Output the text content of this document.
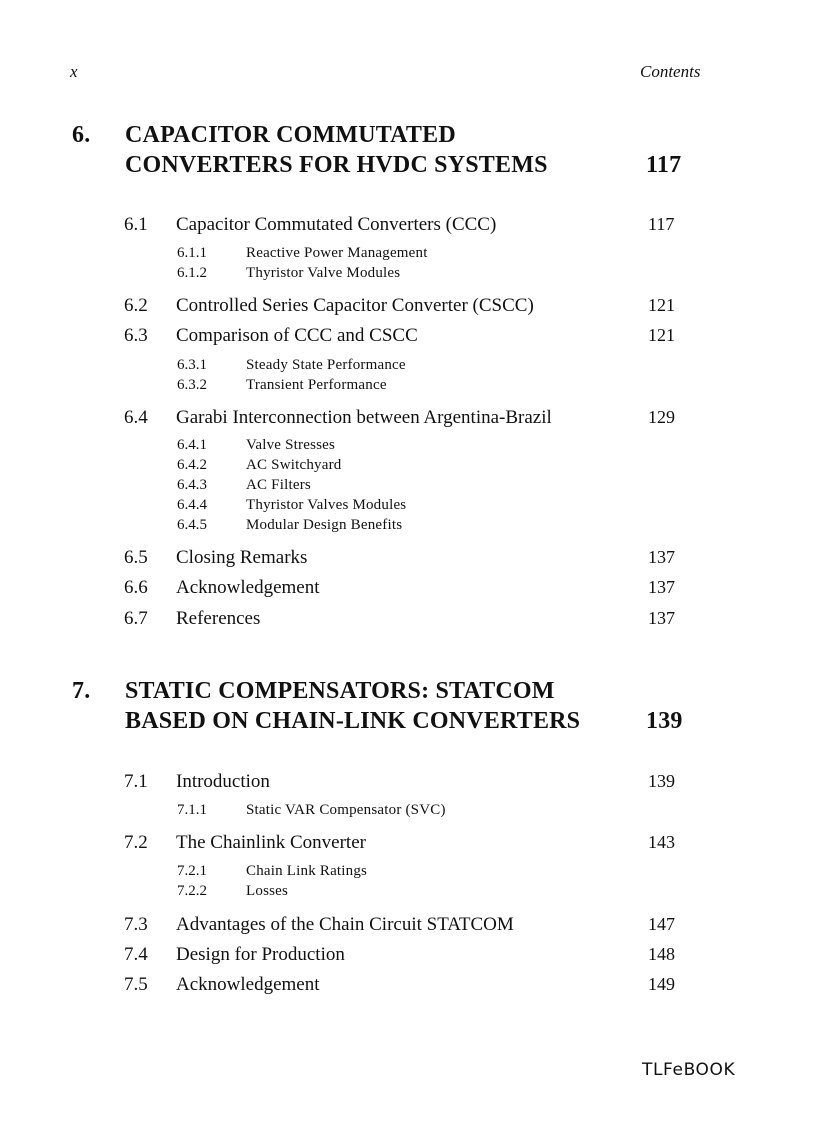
x	Contents
6. CAPACITOR COMMUTATED
CONVERTERS FOR HVDC SYSTEMS	117
6.1 Capacitor Commutated Converters (CCC)	117
6.1.1	Reactive Power Management
6.1.2	Thyristor Valve Modules
6.2 Controlled Series Capacitor Converter (CSCC)	121
6.3 Comparison of CCC and CSCC	121
6.3.1	Steady State Performance
6.3.2	Transient Performance
6.4 Garabi Interconnection between Argentina-Brazil	129
6.4.1	Valve Stresses
6.4.2	AC Switchyard
6.4.3	AC Filters
6.4.4	Thyristor Valves Modules
6.4.5	Modular Design Benefits
6.5 Closing Remarks	137
6.6 Acknowledgement	137
6.7 References	137
7. STATIC COMPENSATORS: STATCOM
BASED ON CHAIN-LINK CONVERTERS	139
7.1 Introduction	139
7.1.1	Static VAR Compensator (SVC)
7.2 The Chainlink Converter	143
7.2.1	Chain Link Ratings
7.2.2	Losses
7.3 Advantages of the Chain Circuit STATCOM	147
7.4 Design for Production	148
7.5 Acknowledgement	149
TLFeBOOK
